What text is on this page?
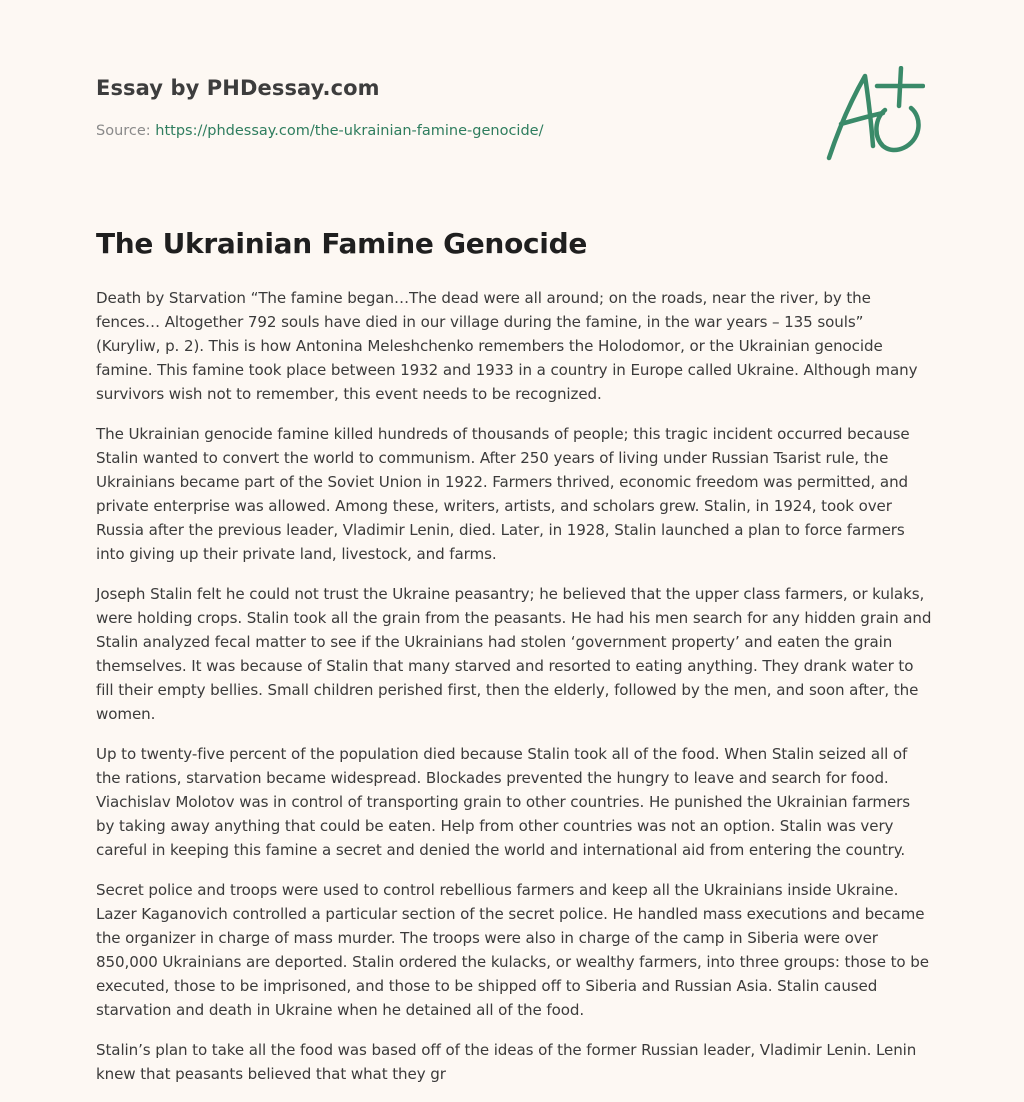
Essay by PHDessay.com
Source: https://phdessay.com/the-ukrainian-famine-genocide/
The Ukrainian Famine Genocide

Death by Starvation “The famine began…The dead were all around; on the roads, near the river, by the fences… Altogether 792 souls have died in our village during the famine, in the war years – 135 souls” (Kuryliw, p. 2). This is how Antonina Meleshchenko remembers the Holodomor, or the Ukrainian genocide famine. This famine took place between 1932 and 1933 in a country in Europe called Ukraine. Although many survivors wish not to remember, this event needs to be recognized.

The Ukrainian genocide famine killed hundreds of thousands of people; this tragic incident occurred because Stalin wanted to convert the world to communism. After 250 years of living under Russian Tsarist rule, the Ukrainians became part of the Soviet Union in 1922. Farmers thrived, economic freedom was permitted, and private enterprise was allowed. Among these, writers, artists, and scholars grew. Stalin, in 1924, took over Russia after the previous leader, Vladimir Lenin, died. Later, in 1928, Stalin launched a plan to force farmers into giving up their private land, livestock, and farms.

Joseph Stalin felt he could not trust the Ukraine peasantry; he believed that the upper class farmers, or kulaks, were holding crops. Stalin took all the grain from the peasants. He had his men search for any hidden grain and Stalin analyzed fecal matter to see if the Ukrainians had stolen ‘government property’ and eaten the grain themselves. It was because of Stalin that many starved and resorted to eating anything. They drank water to fill their empty bellies. Small children perished first, then the elderly, followed by the men, and soon after, the women.

Up to twenty-five percent of the population died because Stalin took all of the food. When Stalin seized all of the rations, starvation became widespread. Blockades prevented the hungry to leave and search for food. Viachislav Molotov was in control of transporting grain to other countries. He punished the Ukrainian farmers by taking away anything that could be eaten. Help from other countries was not an option. Stalin was very careful in keeping this famine a secret and denied the world and international aid from entering the country.

Secret police and troops were used to control rebellious farmers and keep all the Ukrainians inside Ukraine. Lazer Kaganovich controlled a particular section of the secret police. He handled mass executions and became the organizer in charge of mass murder. The troops were also in charge of the camp in Siberia were over 850,000 Ukrainians are deported. Stalin ordered the kulacks, or wealthy farmers, into three groups: those to be executed, those to be imprisoned, and those to be shipped off to Siberia and Russian Asia. Stalin caused starvation and death in Ukraine when he detained all of the food.

Stalin’s plan to take all the food was based off of the ideas of the former Russian leader, Vladimir Lenin. Lenin knew that peasants believed that what they gr
